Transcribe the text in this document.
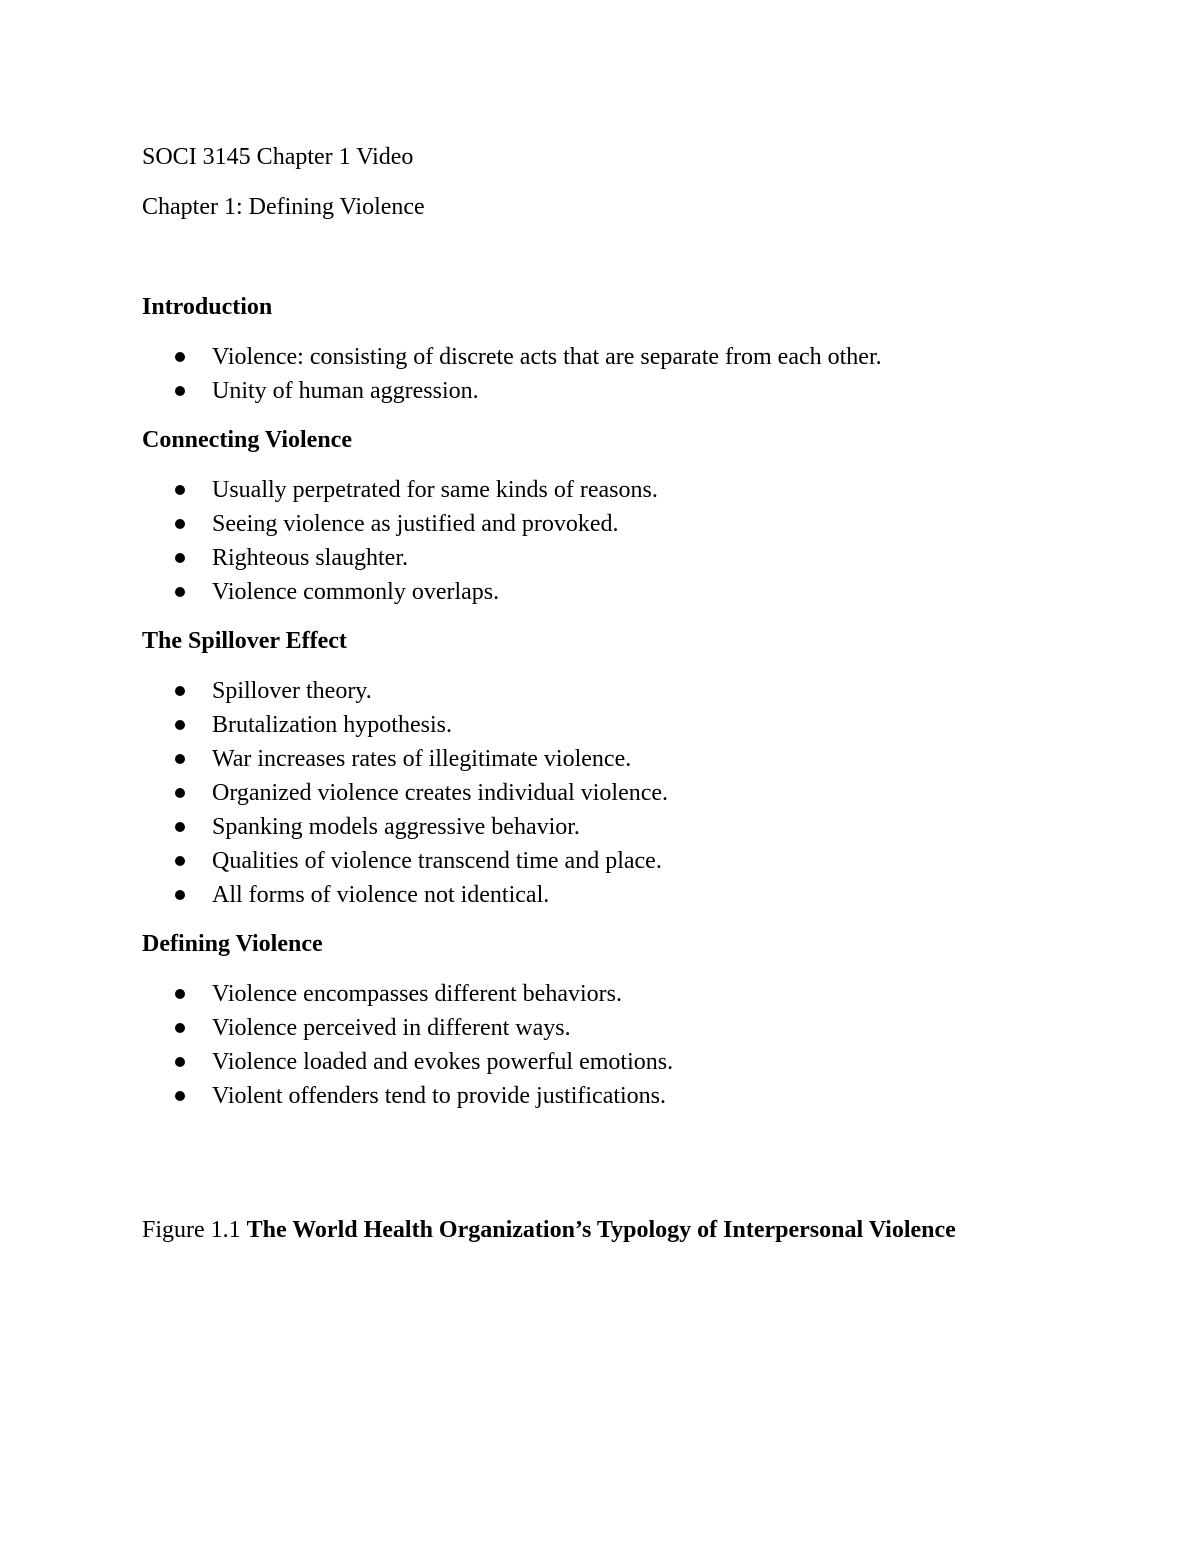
SOCI 3145 Chapter 1 Video

Chapter 1: Defining Violence

Introduction

Violence: consisting of discrete acts that are separate from each other.
Unity of human aggression.

Connecting Violence

Usually perpetrated for same kinds of reasons.
Seeing violence as justified and provoked.
Righteous slaughter.
Violence commonly overlaps.

The Spillover Effect

Spillover theory.
Brutalization hypothesis.
War increases rates of illegitimate violence.
Organized violence creates individual violence.
Spanking models aggressive behavior.
Qualities of violence transcend time and place.
All forms of violence not identical.

Defining Violence

Violence encompasses different behaviors.
Violence perceived in different ways.
Violence loaded and evokes powerful emotions.
Violent offenders tend to provide justifications.

Figure 1.1 The World Health Organization’s Typology of Interpersonal Violence
